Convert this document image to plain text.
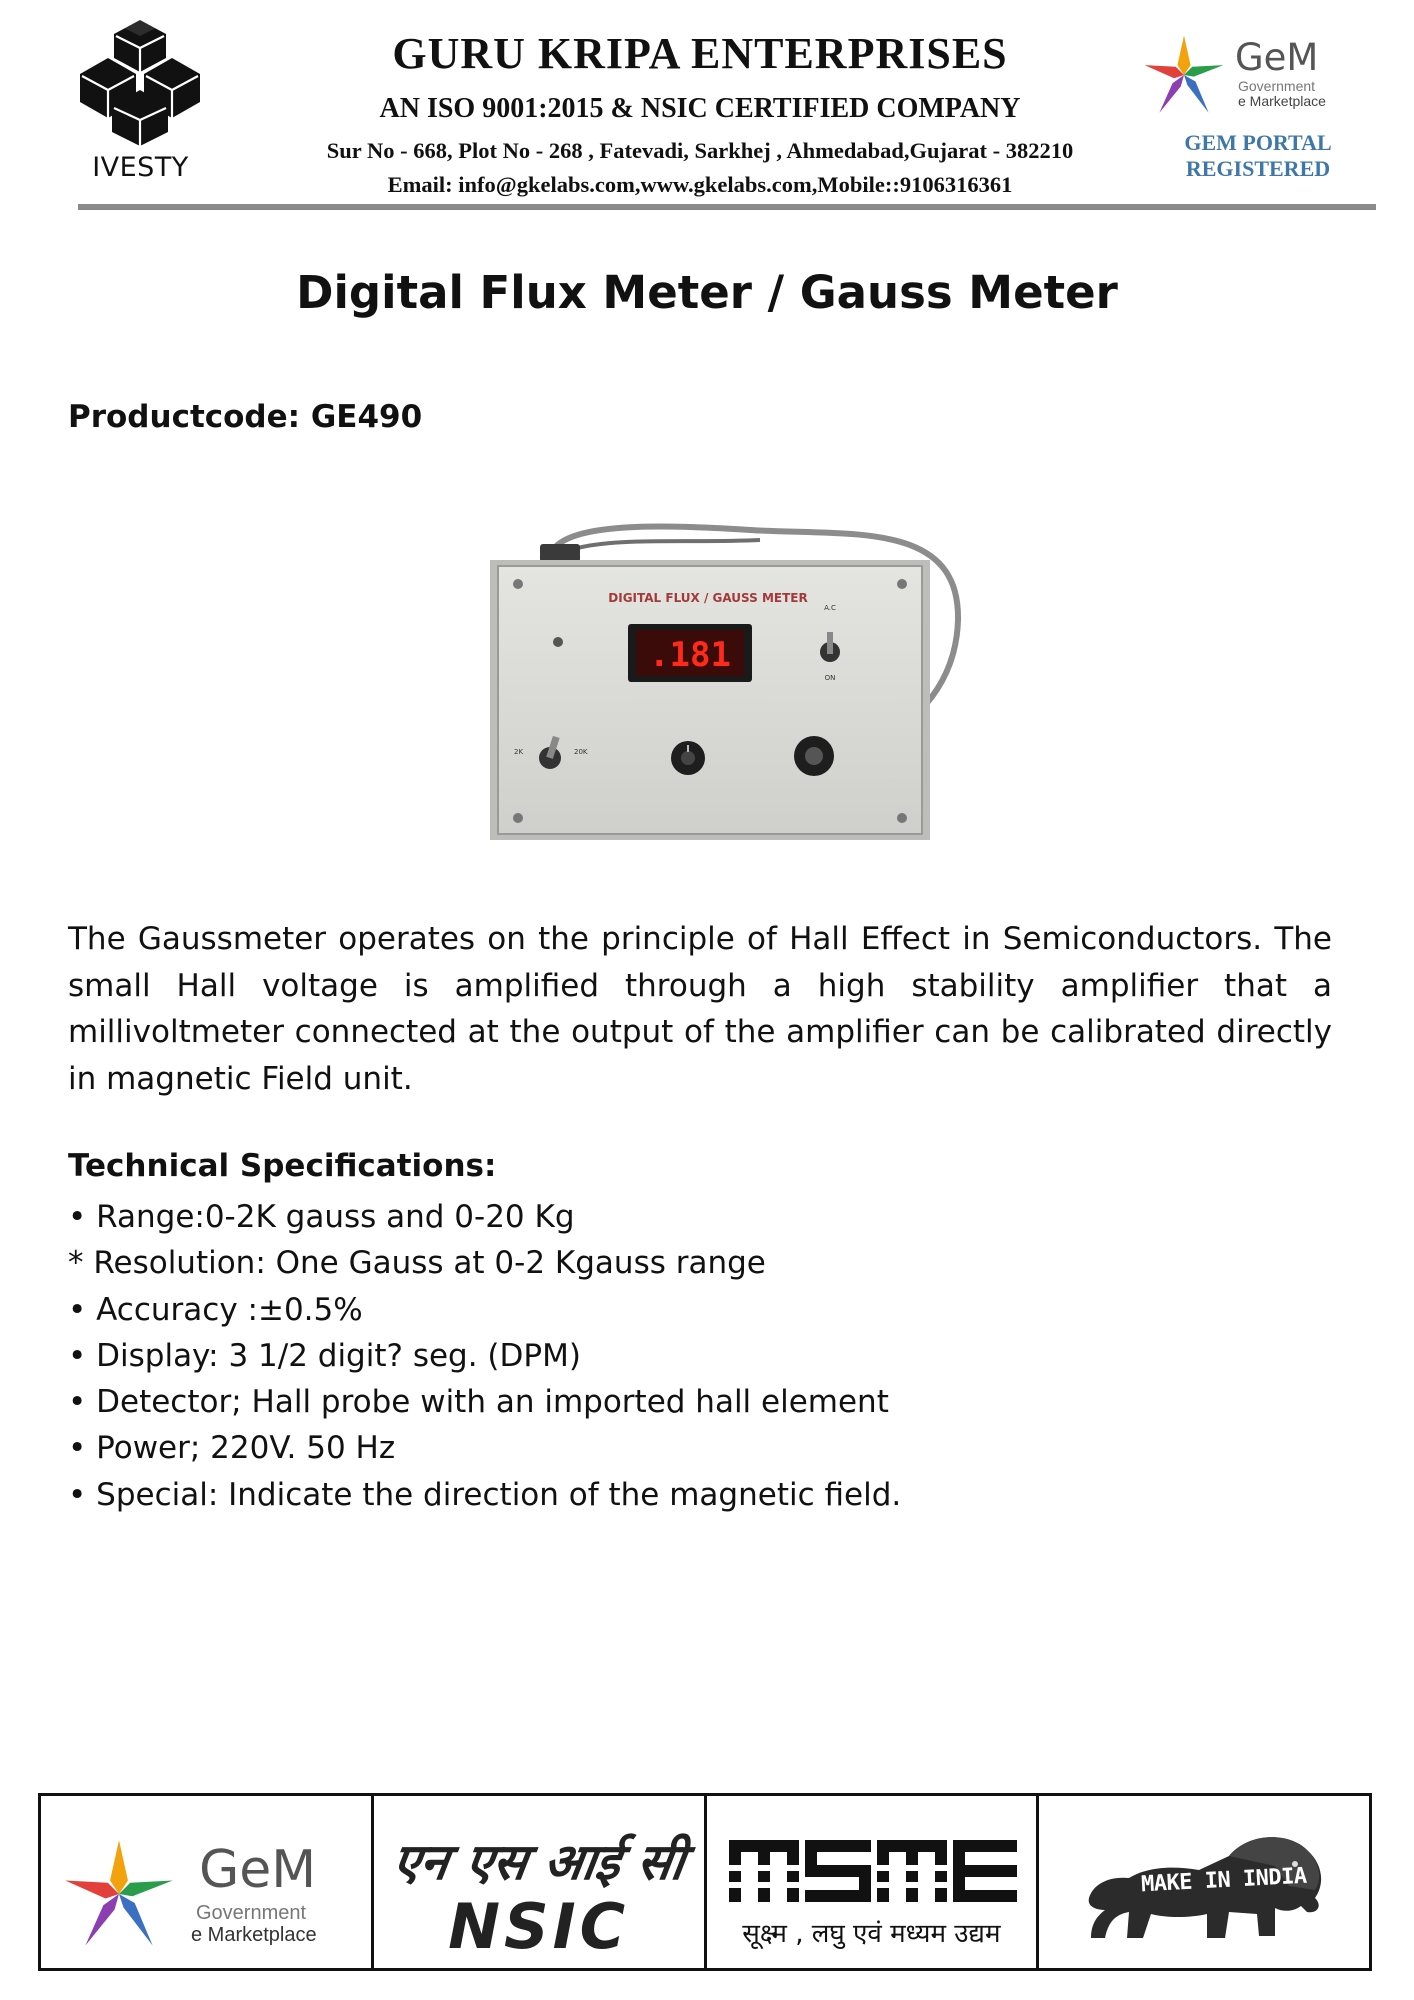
IVESTY
GURU KRIPA ENTERPRISES
AN ISO 9001:2015 & NSIC CERTIFIED COMPANY
Sur No - 668, Plot No - 268 , Fatevadi, Sarkhej , Ahmedabad,Gujarat - 382210
Email: info@gkelabs.com,www.gkelabs.com,Mobile::9106316361
GeM
Government
e Marketplace
GEM PORTAL
REGISTERED
Digital Flux Meter / Gauss Meter
Productcode: GE490
DIGITAL FLUX / GAUSS METER
.181
A.C
ON
2K	20K
The Gaussmeter operates on the principle of Hall Effect in Semiconductors. The small Hall voltage is amplified through a high stability amplifier that a millivoltmeter connected at the output of the amplifier can be calibrated directly in magnetic Field unit.
Technical Specifications:
• Range:0-2K gauss and 0-20 Kg
* Resolution: One Gauss at 0-2 Kgauss range
• Accuracy :±0.5%
• Display: 3 1/2 digit? seg. (DPM)
• Detector; Hall probe with an imported hall element
• Power; 220V. 50 Hz
• Special: Indicate the direction of the magnetic field.
GeM
Government
e Marketplace
एन एस आई सी
NSIC	सूक्ष्म , लघु एवं मध्यम उद्यम
MAKE IN INDIA
